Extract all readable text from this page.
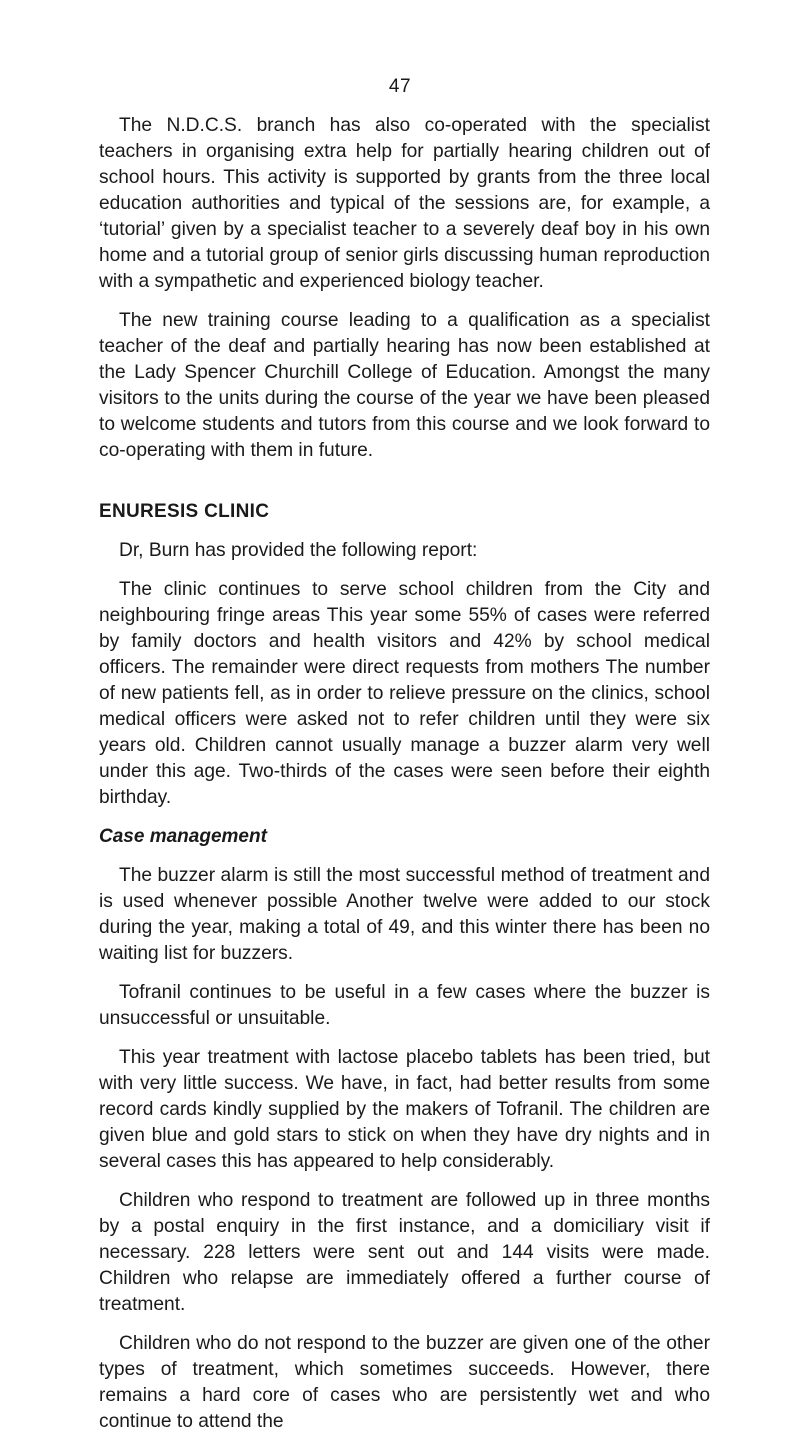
47

The N.D.C.S. branch has also co-operated with the specialist teachers in organising extra help for partially hearing children out of school hours. This activity is supported by grants from the three local education authorities and typical of the sessions are, for example, a ‘tutorial’ given by a specialist teacher to a severely deaf boy in his own home and a tutorial group of senior girls discussing human reproduction with a sympathetic and experienced biology teacher.

The new training course leading to a qualification as a specialist teacher of the deaf and partially hearing has now been established at the Lady Spencer Churchill College of Education. Amongst the many visitors to the units during the course of the year we have been pleased to welcome students and tutors from this course and we look forward to co-operating with them in future.

ENURESIS CLINIC

Dr, Burn has provided the following report:

The clinic continues to serve school children from the City and neighbouring fringe areas This year some 55% of cases were referred by family doctors and health visitors and 42% by school medical officers. The remainder were direct requests from mothers The number of new patients fell, as in order to relieve pressure on the clinics, school medical officers were asked not to refer children until they were six years old. Children cannot usually manage a buzzer alarm very well under this age. Two-thirds of the cases were seen before their eighth birthday.

Case management

The buzzer alarm is still the most successful method of treatment and is used whenever possible Another twelve were added to our stock during the year, making a total of 49, and this winter there has been no waiting list for buzzers.

Tofranil continues to be useful in a few cases where the buzzer is unsuccessful or unsuitable.

This year treatment with lactose placebo tablets has been tried, but with very little success. We have, in fact, had better results from some record cards kindly supplied by the makers of Tofranil. The children are given blue and gold stars to stick on when they have dry nights and in several cases this has appeared to help considerably.

Children who respond to treatment are followed up in three months by a postal enquiry in the first instance, and a domiciliary visit if necessary. 228 letters were sent out and 144 visits were made. Children who relapse are immediately offered a further course of treatment.

Children who do not respond to the buzzer are given one of the other types of treatment, which sometimes succeeds. However, there remains a hard core of cases who are persistently wet and who continue to attend the
